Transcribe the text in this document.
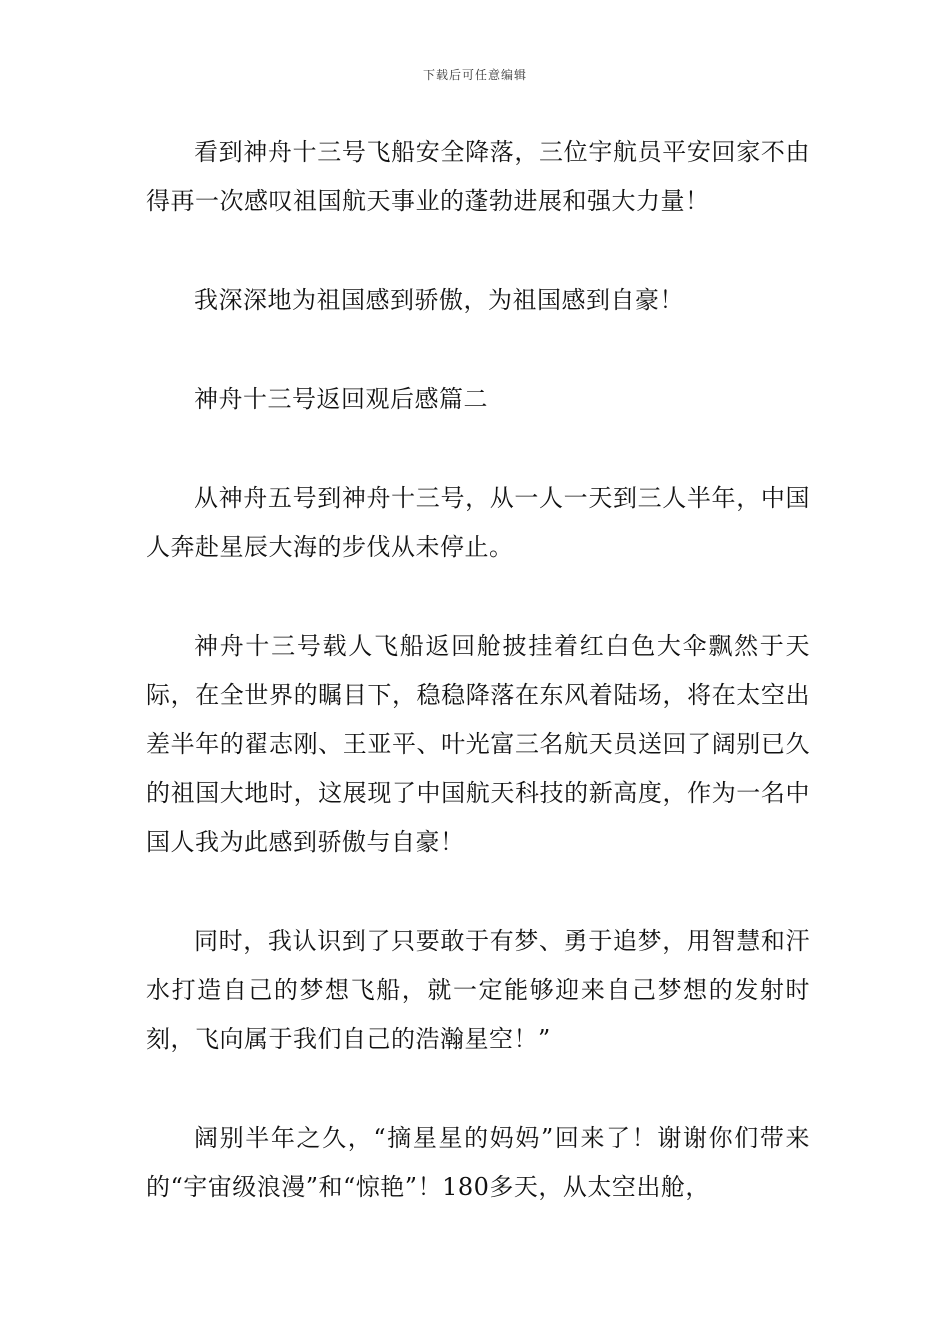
下载后可任意编辑

看到神舟十三号飞船安全降落，三位宇航员平安回家不由得再一次感叹祖国航天事业的蓬勃进展和强大力量！

我深深地为祖国感到骄傲，为祖国感到自豪！

神舟十三号返回观后感篇二

从神舟五号到神舟十三号，从一人一天到三人半年，中国人奔赴星辰大海的步伐从未停止。

神舟十三号载人飞船返回舱披挂着红白色大伞飘然于天际，在全世界的瞩目下，稳稳降落在东风着陆场，将在太空出差半年的翟志刚、王亚平、叶光富三名航天员送回了阔别已久的祖国大地时，这展现了中国航天科技的新高度，作为一名中国人我为此感到骄傲与自豪！

同时，我认识到了只要敢于有梦、勇于追梦，用智慧和汗水打造自己的梦想飞船，就一定能够迎来自己梦想的发射时刻，飞向属于我们自己的浩瀚星空！”

阔别半年之久，“摘星星的妈妈”回来了！谢谢你们带来的“宇宙级浪漫”和“惊艳”！180多天，从太空出舱，
